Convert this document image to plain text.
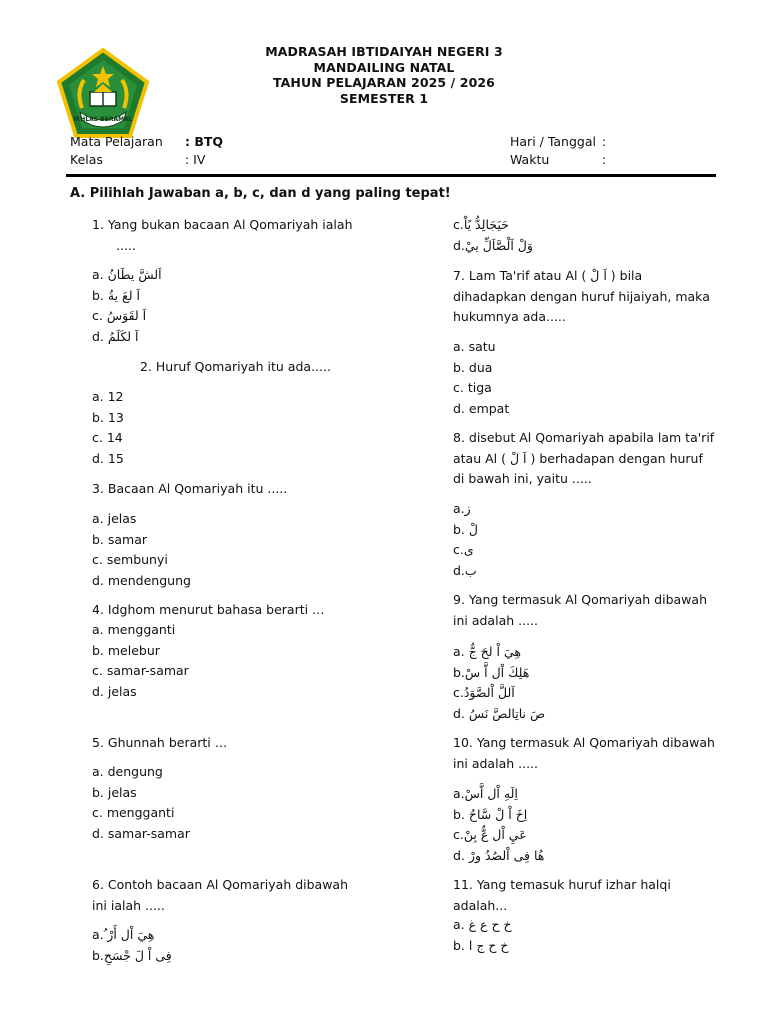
IKHLAS BERAMAL
MADRASAH IBTIDAIYAH NEGERI 3
MANDAILING NATAL
TAHUN PELAJARAN 2025 / 2026
SEMESTER 1
Mata Pelajaran : BTQ
Kelas	: IV
Hari / Tanggal :
Waktu	:
A. Pilihlah Jawaban a, b, c, dan d yang paling tepat!

1. Yang bukan bacaan Al Qomariyah ialah

.....
a. اَلشَّ يطَانُ
b. اَ لعَ يةُ
c. اَ لقَوَسُ
d. اَ لكَلَمُ
2. Huruf Qomariyah itu ada.....
a. 12
b. 13
c. 14
d. 15
3. Bacaan Al Qomariyah itu .....
a. jelas
b. samar
c. sembunyi
d. mendengung
4. Idghom menurut bahasa berarti …
a. mengganti
b. melebur
c. samar-samar
d. jelas
5. Ghunnah berarti …
a. dengung
b. jelas
c. mengganti
d. samar-samar
6. Contoh bacaan Al Qomariyah dibawah
ini ialah .....
a.هِيَ اْل أَرْ ُ
b.فِى اْ لَ جْسَحِ
c.حَيَجَالِدُّ يًاْ
d.وَلْ اَلْصَّاَلِّ ييْ
7. Lam Ta'rif atau Al ( اَ لْ ) bila
dihadapkan dengan huruf hijaiyah, maka
hukumnya ada.....
a. satu
b. dua
c. tiga
d. empat
8. disebut Al Qomariyah apabila lam ta'rif
atau Al ( اَ لْ ) berhadapan dengan huruf
di bawah ini, yaitu .....
a.ز
b. لْ
c.ى
d.ب
9. Yang termasuk Al Qomariyah dibawah
ini adalah .....
a. هِيَ اْ لحَ جٌّ
b.هَلِكَ اْل اَّ سْ
c.اَللَّ اْلصَّوَدُ
d. صَ ناتِالصَّ نَسُ
10. Yang termasuk Al Qomariyah dibawah
ini adalah .....
a.اِلَهِ اْل اَّسْ
b. اِخَ اْ لْ سَّاحُ
c.عَيِ اْل عٌّ بِنْ
d. هُا فِى اْلصُدُ ورْ
11. Yang temasuk huruf izhar halqi
adalah...
a. خ ح ع غ
b. خ ح ج ا
